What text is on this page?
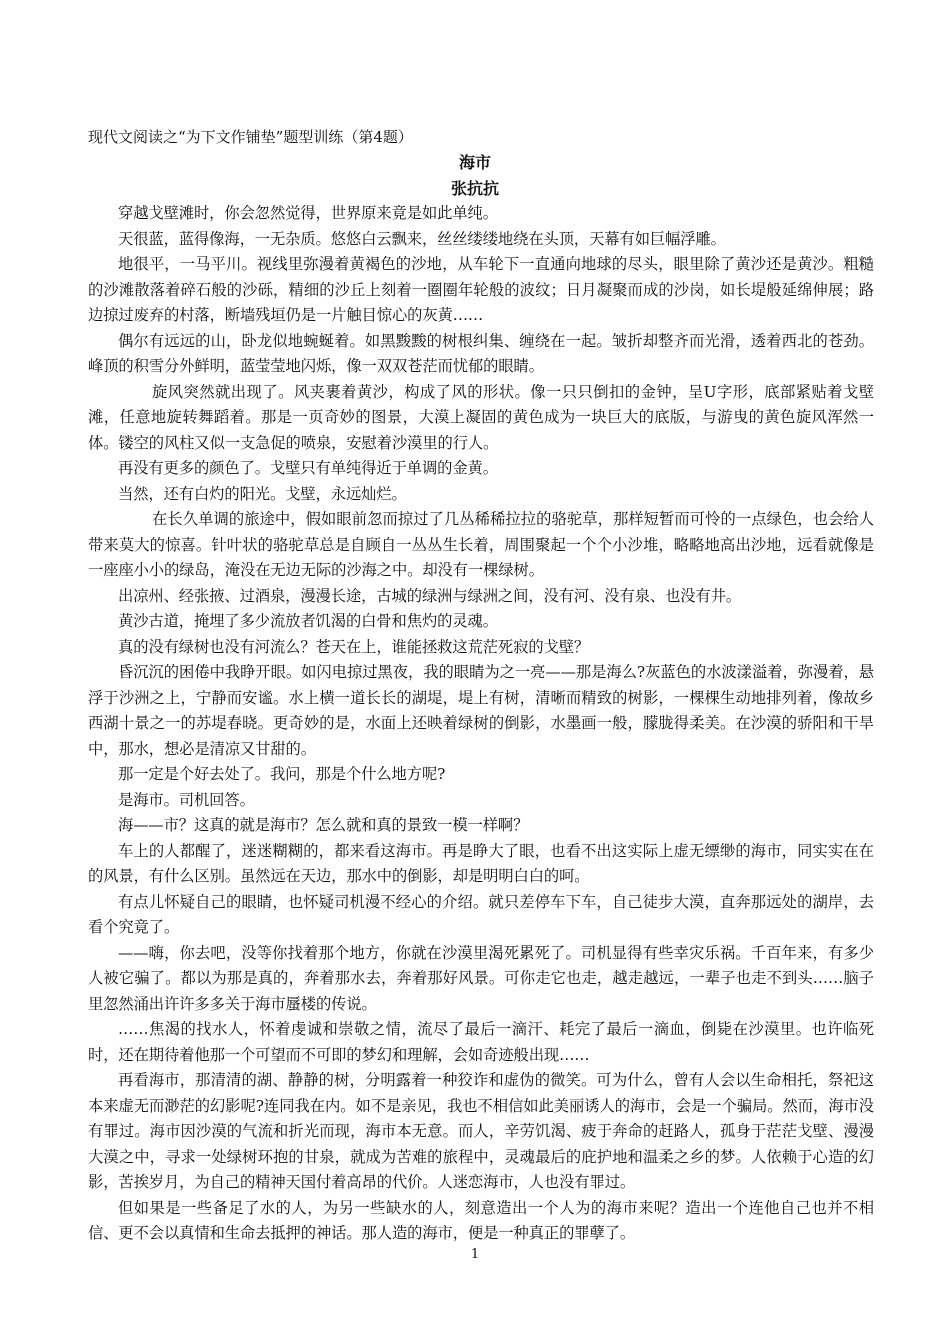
现代文阅读之“为下文作铺垫”题型训练（第4题）
海市
张抗抗

穿越戈壁滩时，你会忽然觉得，世界原来竟是如此单纯。

天很蓝，蓝得像海，一无杂质。悠悠白云飘来，丝丝缕缕地绕在头顶，天幕有如巨幅浮雕。

地很平，一马平川。视线里弥漫着黄褐色的沙地，从车轮下一直通向地球的尽头，眼里除了黄沙还是黄沙。粗糙的沙滩散落着碎石般的沙砾，精细的沙丘上刻着一圈圈年轮般的波纹；日月凝聚而成的沙岗，如长堤般延绵伸展；路边掠过废弃的村落，断墙残垣仍是一片触目惊心的灰黄……

偶尔有远远的山，卧龙似地蜿蜒着。如黑黢黢的树根纠集、缠绕在一起。皱折却整齐而光滑，透着西北的苍劲。峰顶的积雪分外鲜明，蓝莹莹地闪烁，像一双双苍茫而忧郁的眼睛。

旋风突然就出现了。风夹裹着黄沙，构成了风的形状。像一只只倒扣的金钟，呈U字形，底部紧贴着戈壁滩，任意地旋转舞蹈着。那是一页奇妙的图景，大漠上凝固的黄色成为一块巨大的底版，与游曳的黄色旋风浑然一体。镂空的风柱又似一支急促的喷泉，安慰着沙漠里的行人。

再没有更多的颜色了。戈壁只有单纯得近于单调的金黄。

当然，还有白灼的阳光。戈壁，永远灿烂。

在长久单调的旅途中，假如眼前忽而掠过了几丛稀稀拉拉的骆驼草，那样短暂而可怜的一点绿色，也会给人带来莫大的惊喜。针叶状的骆驼草总是自顾自一丛丛生长着，周围聚起一个个小沙堆，略略地高出沙地，远看就像是一座座小小的绿岛，淹没在无边无际的沙海之中。却没有一棵绿树。

出凉州、经张掖、过酒泉，漫漫长途，古城的绿洲与绿洲之间，没有河、没有泉、也没有井。

黄沙古道，掩埋了多少流放者饥渴的白骨和焦灼的灵魂。

真的没有绿树也没有河流么？苍天在上，谁能拯救这荒茫死寂的戈壁？

昏沉沉的困倦中我睁开眼。如闪电掠过黑夜，我的眼睛为之一亮——那是海么?灰蓝色的水波漾溢着，弥漫着，悬浮于沙洲之上，宁静而安谧。水上横一道长长的湖堤，堤上有树，清晰而精致的树影，一棵棵生动地排列着，像故乡西湖十景之一的苏堤春晓。更奇妙的是，水面上还映着绿树的倒影，水墨画一般，朦胧得柔美。在沙漠的骄阳和干旱中，那水，想必是清凉又甘甜的。

那一定是个好去处了。我问，那是个什么地方呢?

是海市。司机回答。

海——市？这真的就是海市？怎么就和真的景致一模一样啊？

车上的人都醒了，迷迷糊糊的，都来看这海市。再是睁大了眼，也看不出这实际上虚无缥缈的海市，同实实在在的风景，有什么区别。虽然远在天边，那水中的倒影，却是明明白白的呵。

有点儿怀疑自己的眼睛，也怀疑司机漫不经心的介绍。就只差停车下车，自己徒步大漠，直奔那远处的湖岸，去看个究竟了。

——嗨，你去吧，没等你找着那个地方，你就在沙漠里渴死累死了。司机显得有些幸灾乐祸。千百年来，有多少人被它骗了。都以为那是真的，奔着那水去，奔着那好风景。可你走它也走，越走越远，一辈子也走不到头……脑子里忽然涌出许许多多关于海市蜃楼的传说。

……焦渴的找水人，怀着虔诚和崇敬之情，流尽了最后一滴汗、耗完了最后一滴血，倒毙在沙漠里。也许临死时，还在期待着他那一个可望而不可即的梦幻和理解，会如奇迹般出现……

再看海市，那清清的湖、静静的树，分明露着一种狡诈和虚伪的微笑。可为什么，曾有人会以生命相托，祭祀这本来虚无而渺茫的幻影呢?连同我在内。如不是亲见，我也不相信如此美丽诱人的海市，会是一个骗局。然而，海市没有罪过。海市因沙漠的气流和折光而现，海市本无意。而人，辛劳饥渴、疲于奔命的赶路人，孤身于茫茫戈壁、漫漫大漠之中，寻求一处绿树环抱的甘泉，就成为苦难的旅程中，灵魂最后的庇护地和温柔之乡的梦。人依赖于心造的幻影，苦挨岁月，为自己的精神天国付着高昂的代价。人迷恋海市，人也没有罪过。

但如果是一些备足了水的人，为另一些缺水的人，刻意造出一个人为的海市来呢？造出一个连他自己也并不相信、更不会以真情和生命去抵押的神话。那人造的海市，便是一种真正的罪孽了。

1
